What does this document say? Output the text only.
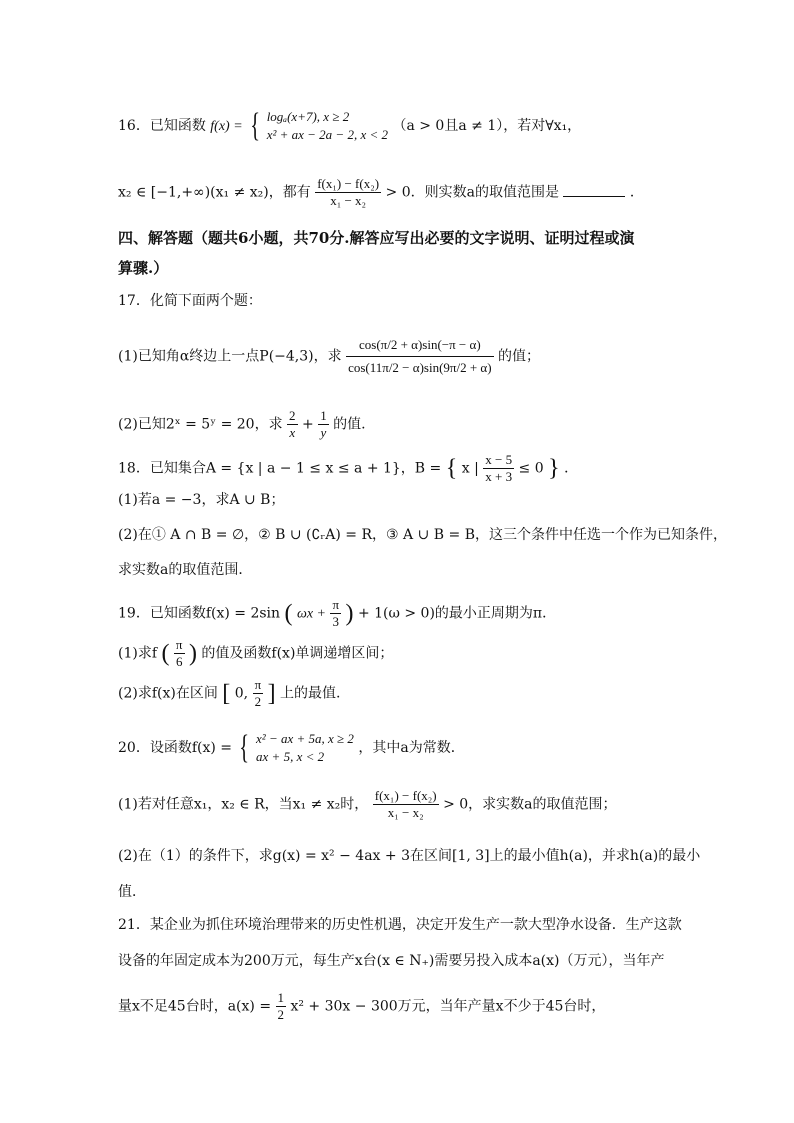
16．已知函数 f(x) = { logₐ(x+7), x ≥ 2
x² + ax − 2a − 2, x < 2
（a > 0且a ≠ 1），若对∀x₁，
x₂ ∈ [−1,+∞)(x₁ ≠ x₂)，都有 $\frac{\text{f(x₁) − f(x₂)}}{\text{x₁ − x₂}} > 0$．则实数a的取值范围是	．
四、解答题（题共6小题，共70分.解答应写出必要的文字说明、证明过程或演
算骤.）
17．化简下面两个题：
(1)已知角α终边上一点P(−4,3)，求 $\frac{\cos(\pi/2 + \alpha)\sin(-\pi - \alpha)}{\cos(11\pi/2 - \alpha)\sin(9\pi/2 + \alpha)}$ 的值；
(2)已知2ˣ = 5ʸ = 20，求 $\frac{2}{x} + \frac{1}{y}$ 的值.
18．已知集合A = {x | a − 1 ≤ x ≤ a + 1}，B = { x | $\frac{x - 5}{x + 3} \le 0$ } ．
(1)若a = −3，求A ∪ B；
(2)在① A ∩ B = ∅，② B ∪ (∁ᵣA) = R，③ A ∪ B = B，这三个条件中任选一个作为已知条件，
求实数a的取值范围．
19．已知函数f(x) = 2sin ( $\omega x + \frac{\pi}{3}$ ) + 1(ω > 0)的最小正周期为π．
(1)求f ( $\frac{\pi}{6}$ ) 的值及函数f(x)单调递增区间；
(2)求f(x)在区间 [ 0, $\frac{\pi}{2}$ ] 上的最值.
20．设函数f(x) = { x² − ax + 5a, x ≥ 2
ax + 5, x < 2
，其中a为常数．
(1)若对任意x₁，x₂ ∈ R，当x₁ ≠ x₂时， $\frac{\text{f(x₁) − f(x₂)}}{\text{x₁ − x₂}} > 0$，求实数a的取值范围；
(2)在（1）的条件下，求g(x) = x² − 4ax + 3在区间[1, 3]上的最小值h(a)，并求h(a)的最小
值．
21．某企业为抓住环境治理带来的历史性机遇，决定开发生产一款大型净水设备．生产这款
设备的年固定成本为200万元，每生产x台(x ∈ N₊)需要另投入成本a(x)（万元），当年产
量x不足45台时，$a(x) = \frac{1}{2} x^2 + 30x - 300$万元，当年产量x不少于45台时，
